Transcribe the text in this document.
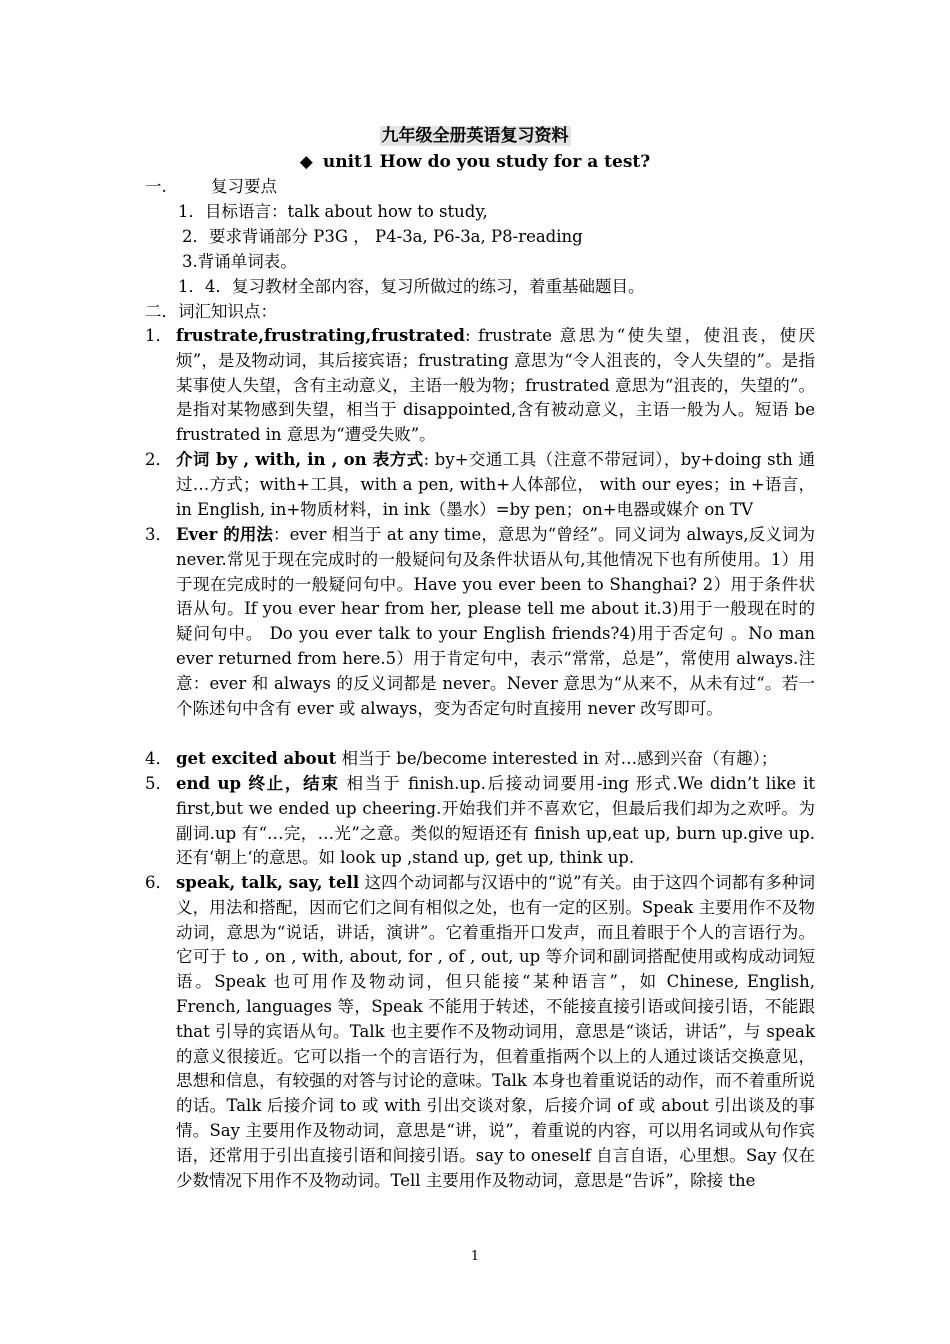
九年级全册英语复习资料
◆ unit1 How do you study for a test?
一.	复习要点
1．目标语言：talk about how to study,
2．要求背诵部分 P3G ， P4-3a, P6-3a, P8-reading
3.背诵单词表。
1．4．复习教材全部内容，复习所做过的练习，着重基础题目。
二．词汇知识点：
1． frustrate,frustrating,frustrated: frustrate 意思为“使失望，使沮丧，使厌烦”，是及物动词，其后接宾语；frustrating 意思为“令人沮丧的，令人失望的”。是指某事使人失望，含有主动意义，主语一般为物；frustrated 意思为“沮丧的，失望的”。是指对某物感到失望，相当于 disappointed,含有被动意义，主语一般为人。短语 be frustrated in 意思为“遭受失败”。
2． 介词 by , with, in , on 表方式: by+交通工具（注意不带冠词），by+doing sth 通过…方式；with+工具，with a pen, with+人体部位， with our eyes；in +语言，in English, in+物质材料，in ink（墨水）=by pen；on+电器或媒介 on TV
3． Ever 的用法：ever 相当于 at any time，意思为“曾经”。同义词为 always,反义词为 never.常见于现在完成时的一般疑问句及条件状语从句,其他情况下也有所使用。1）用于现在完成时的一般疑问句中。Have you ever been to Shanghai? 2）用于条件状语从句。If you ever hear from her, please tell me about it.3)用于一般现在时的疑问句中。 Do you ever talk to your English friends?4)用于否定句 。No man ever returned from here.5）用于肯定句中，表示“常常，总是”，常使用 always.注意：ever 和 always 的反义词都是 never。Never 意思为“从来不，从未有过“。若一个陈述句中含有 ever 或 always，变为否定句时直接用 never 改写即可。
4． get excited about 相当于 be/become interested in 对…感到兴奋（有趣）；
5． end up 终止，结束 相当于 finish.up.后接动词要用-ing 形式.We didn’t like it first,but we ended up cheering.开始我们并不喜欢它，但最后我们却为之欢呼。为副词.up 有“…完，…光”之意。类似的短语还有 finish up,eat up, burn up.give up.还有‘朝上‘的意思。如 look up ,stand up, get up, think up.
6． speak, talk, say, tell 这四个动词都与汉语中的“说”有关。由于这四个词都有多种词义，用法和搭配，因而它们之间有相似之处，也有一定的区别。Speak 主要用作不及物动词，意思为“说话，讲话，演讲”。它着重指开口发声，而且着眼于个人的言语行为。它可于 to , on , with, about, for , of , out, up 等介词和副词搭配使用或构成动词短语。Speak 也可用作及物动词，但只能接“某种语言”，如 Chinese, English, French, languages 等，Speak 不能用于转述，不能接直接引语或间接引语，不能跟 that 引导的宾语从句。Talk 也主要作不及物动词用，意思是“谈话，讲话”，与 speak 的意义很接近。它可以指一个的言语行为，但着重指两个以上的人通过谈话交换意见，思想和信息，有较强的对答与讨论的意味。Talk 本身也着重说话的动作，而不着重所说的话。Talk 后接介词 to 或 with 引出交谈对象，后接介词 of 或 about 引出谈及的事情。Say 主要用作及物动词，意思是“讲，说”，着重说的内容，可以用名词或从句作宾语，还常用于引出直接引语和间接引语。say to oneself 自言自语，心里想。Say 仅在少数情况下用作不及物动词。Tell 主要用作及物动词，意思是“告诉”，除接 the
1
